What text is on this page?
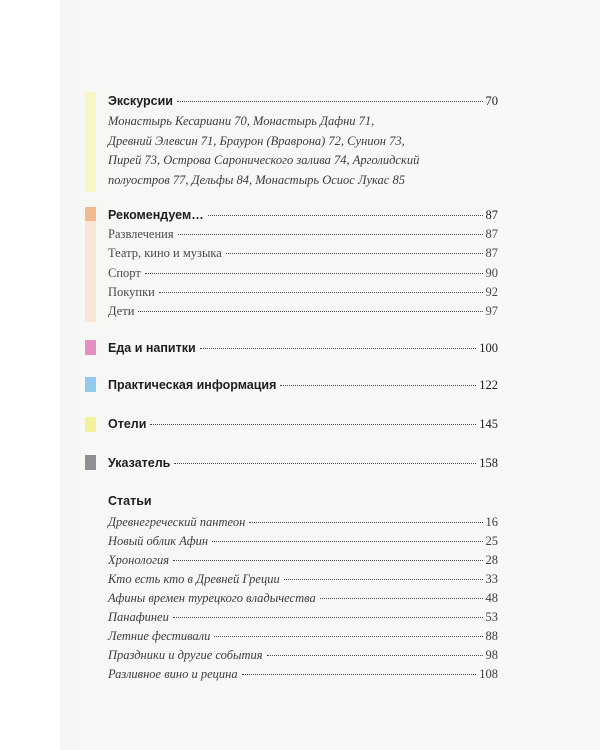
Экскурсии	70
Монастырь Кесариани 70, Монастырь Дафни 71,
Древний Элевсин 71, Браурон (Вравронa) 72, Сунион 73,
Пирей 73, Острова Саронического залива 74, Арголидский
полуостров 77, Дельфы 84, Монастырь Осиос Лукас 85
Рекомендуем…	87
Развлечения	87
Театр, кино и музыка	87
Спорт	90
Покупки	92
Дети	97
Еда и напитки	100
Практическая информация	122
Отели	145
Указатель	158
Статьи
Древнегреческий пантеон	16
Новый облик Афин	25
Хронология	28
Кто есть кто в Древней Греции	33
Афины времен турецкого владычества	48
Панафинеи	53
Летние фестивали	88
Праздники и другие события	98
Разливное вино и рецина	108
